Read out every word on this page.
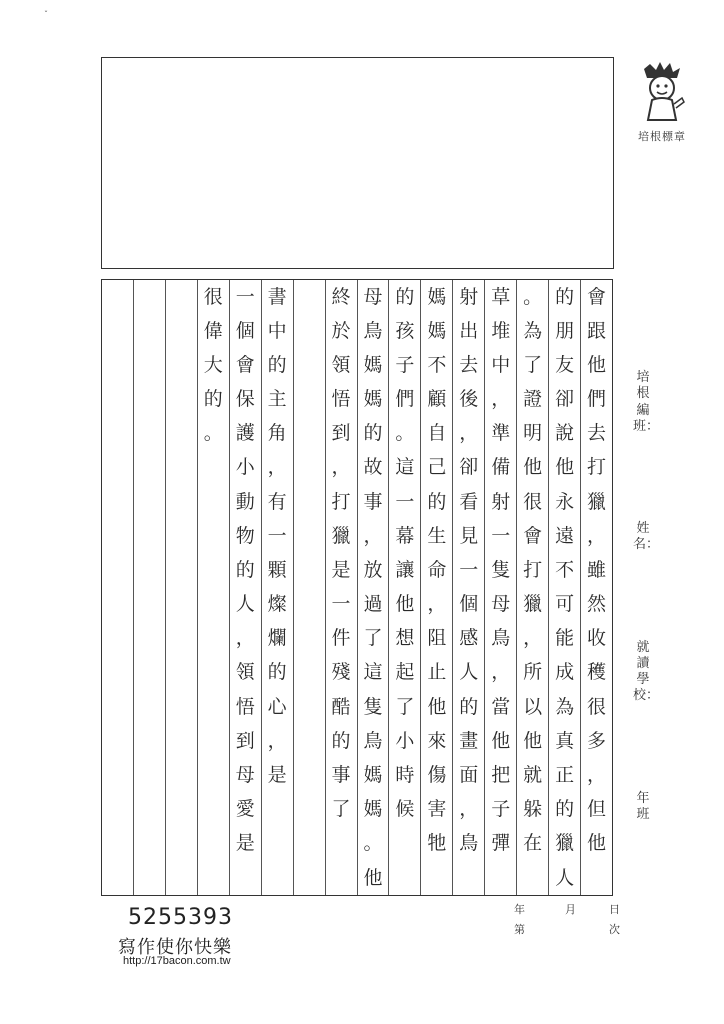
ˇ
培根標章
會
跟
他
們
去
打
獵
，
雖
然
收
穫
很
多
，
但
他
的
朋
友
卻
說
他
永
遠
不
可
能
成
為
真
正
的
獵
人
。
為
了
證
明
他
很
會
打
獵
，
所
以
他
就
躲
在
草
堆
中
，
準
備
射
一
隻
母
鳥
，
當
他
把
子
彈
射
出
去
後
，
卻
看
見
一
個
感
人
的
畫
面
，
鳥
媽
媽
不
顧
自
己
的
生
命
，
阻
止
他
來
傷
害
牠
的
孩
子
們
。
這
一
幕
讓
他
想
起
了
小
時
候
母
鳥
媽
媽
的
故
事
，
放
過
了
這
隻
鳥
媽
媽
。
他
終
於
領
悟
到
，
打
獵
是
一
件
殘
酷
的
事
了
書
中
的
主
角
，
有
一
顆
燦
爛
的
心
，
是
一
個
會
保
護
小
動
物
的
人
，
領
悟
到
母
愛
是
很
偉
大
的
。
培根編班：
姓名：
就讀學校：
年　班
5255393
寫作使你快樂
http://17bacon.com.tw
年	月	日
第	次
